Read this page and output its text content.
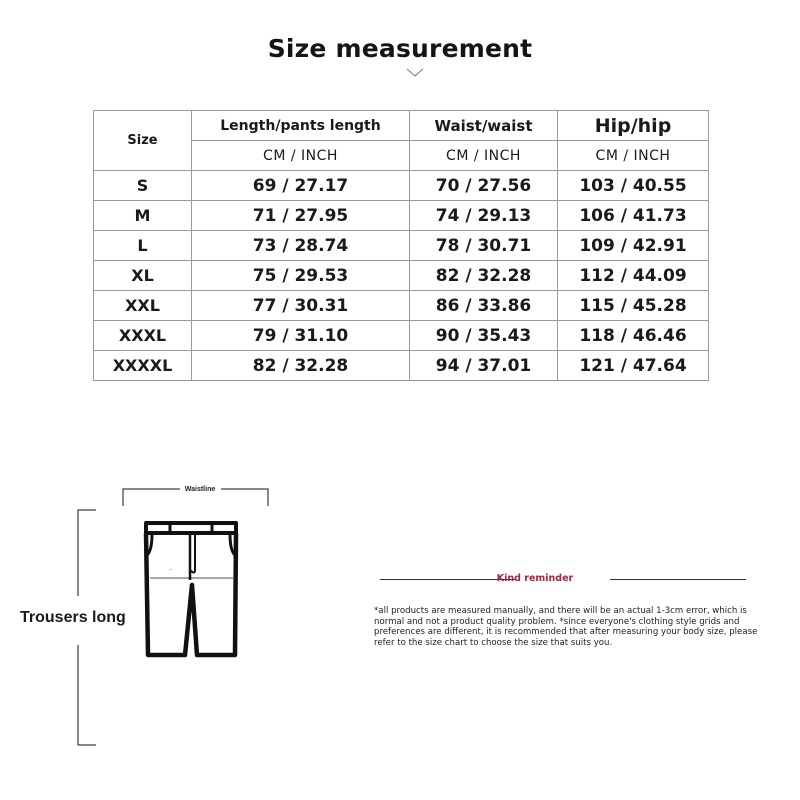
Size measurement
Size	Length/pants length	Waist/waist	Hip/hip
	CM / INCH	CM / INCH	CM / INCH
S	69 / 27.17	70 / 27.56	103 / 40.55
M	71 / 27.95	74 / 29.13	106 / 41.73
L	73 / 28.74	78 / 30.71	109 / 42.91
XL	75 / 29.53	82 / 32.28	112 / 44.09
XXL	77 / 30.31	86 / 33.86	115 / 45.28
XXXL	79 / 31.10	90 / 35.43	118 / 46.46
XXXXL	82 / 32.28	94 / 37.01	121 / 47.64
Waistline
—
Trousers long
Kind reminder
*all products are measured manually, and there will be an actual 1-3cm error, which is normal and not a product quality problem. *since everyone's clothing style grids and preferences are different, it is recommended that after measuring your body size, please refer to the size chart to choose the size that suits you.
